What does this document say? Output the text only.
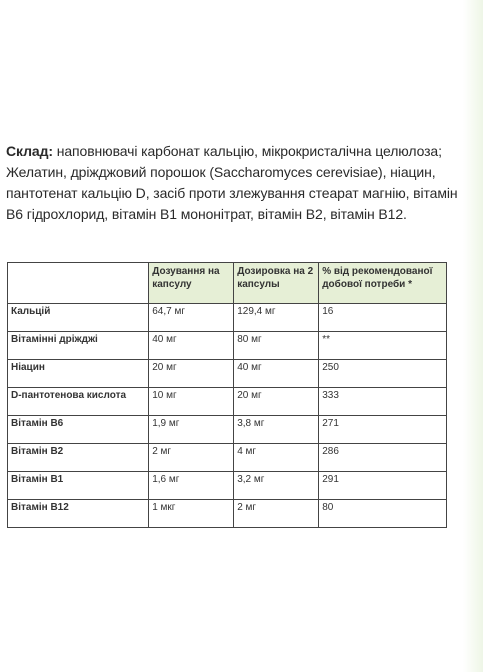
Склад: наповнювачі карбонат кальцію, мікрокристалічна целюлоза; Желатин, дріжджовий порошок (Saccharomyces cerevisiae), ніацин, пантотенат кальцію D, засіб проти злежування стеарат магнію, вітамін В6 гідрохлорид, вітамін В1 мононітрат, вітамін В2, вітамін В12.

	Дозування на капсулу	Дозировка на 2 капсулы	% від рекомендованої добової потреби *
Кальцій	64,7 мг	129,4 мг	16
Вітамінні дріжджі	40 мг	80 мг	**
Ніацин	20 мг	40 мг	250
D-пантотенова кислота	10 мг	20 мг	333
Вітамін В6	1,9 мг	3,8 мг	271
Вітамін В2	2 мг	4 мг	286
Вітамін В1	1,6 мг	3,2 мг	291
Вітамін В12	1 мкг	2 мг	80
